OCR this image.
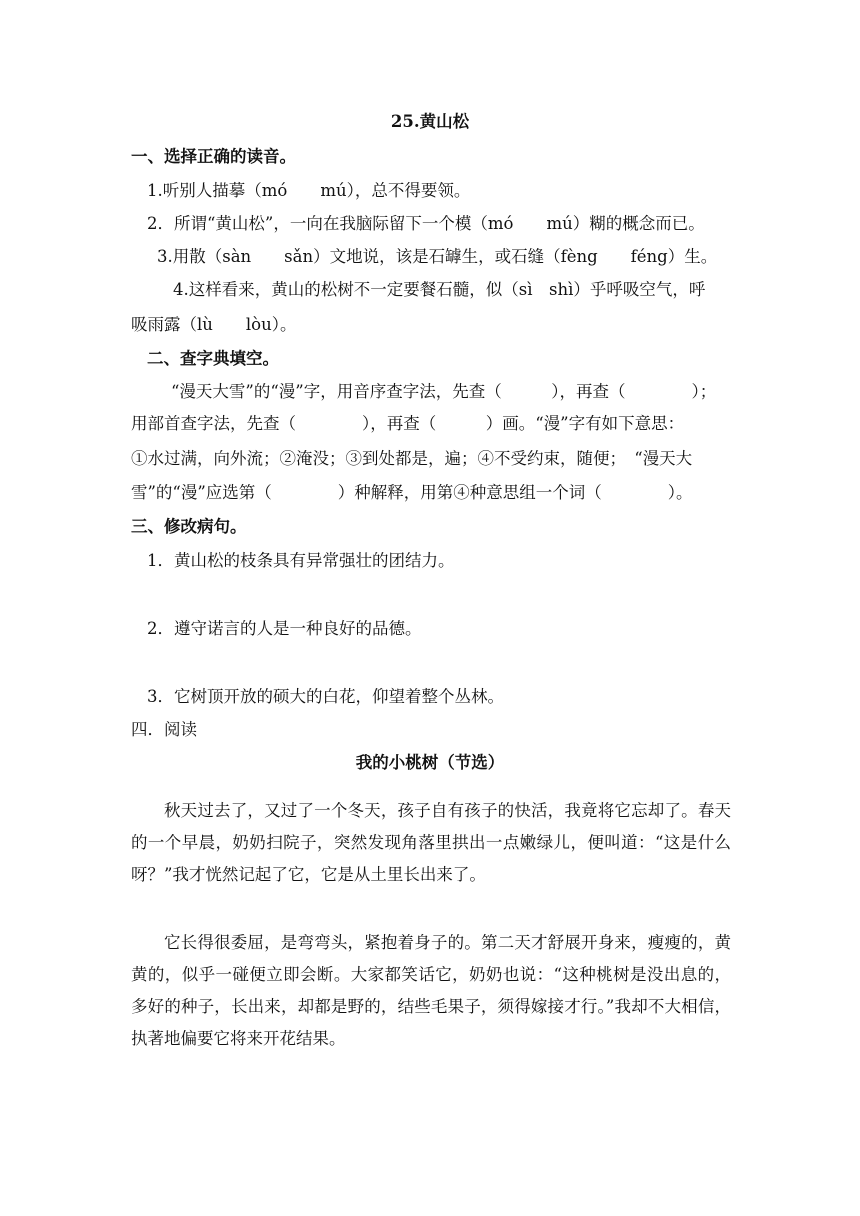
25.黄山松
一、选择正确的读音。
1.听别人描摹（mó　　mú），总不得要领。
2．所谓“黄山松”，一向在我脑际留下一个模（mó　　mú）糊的概念而已。
3.用散（sàn　　sǎn）文地说，该是石罅生，或石缝（fèng　　féng）生。
4.这样看来，黄山的松树不一定要餐石髓，似（sì　shì）乎呼吸空气，呼
吸雨露（lù　　lòu）。
二、查字典填空。
“漫天大雪”的“漫”字，用音序查字法，先查（　　　），再查（　　　　）；
用部首查字法，先查（　　　　），再查（　　　）画。“漫”字有如下意思：
①水过满，向外流；②淹没；③到处都是，遍；④不受约束，随便；　“漫天大
雪”的“漫”应选第（　　　　）种解释，用第④种意思组一个词（　　　　）。
三、修改病句。
1．黄山松的枝条具有异常强壮的团结力。
2．遵守诺言的人是一种良好的品德。
3．它树顶开放的硕大的白花，仰望着整个丛林。
四．阅读
我的小桃树（节选）
秋天过去了，又过了一个冬天，孩子自有孩子的快活，我竟将它忘却了。春天的一个早晨，奶奶扫院子，突然发现角落里拱出一点嫩绿儿，便叫道：“这是什么呀？”我才恍然记起了它，它是从土里长出来了。
它长得很委屈，是弯弯头，紧抱着身子的。第二天才舒展开身来，瘦瘦的，黄黄的，似乎一碰便立即会断。大家都笑话它，奶奶也说：“这种桃树是没出息的，多好的种子，长出来，却都是野的，结些毛果子，须得嫁接才行。”我却不大相信，执著地偏要它将来开花结果。
